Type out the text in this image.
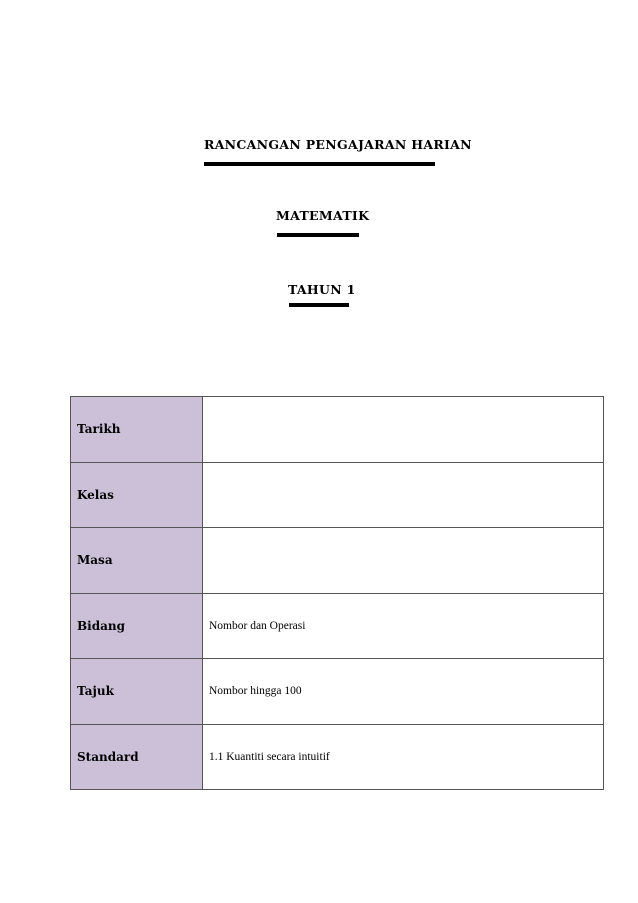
RANCANGAN PENGAJARAN HARIAN
MATEMATIK
TAHUN 1
Tarikh	
Kelas	
Masa	
Bidang	Nombor dan Operasi
Tajuk	Nombor hingga 100
Standard	1.1 Kuantiti secara intuitif
